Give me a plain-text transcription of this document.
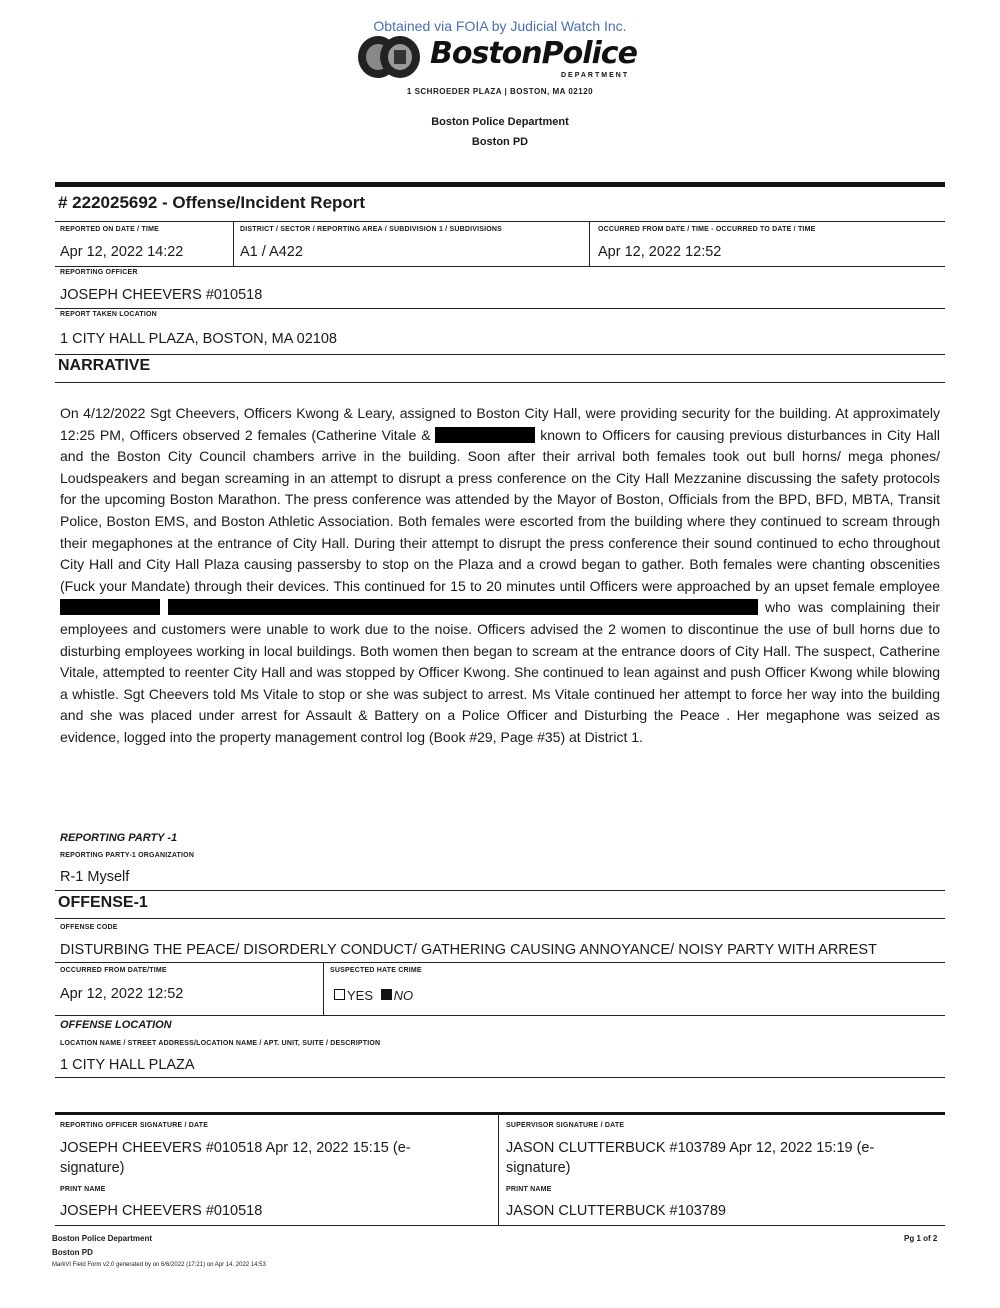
Obtained via FOIA by Judicial Watch Inc.
BostonPolice
DEPARTMENT
1 SCHROEDER PLAZA | BOSTON, MA 02120
Boston Police Department
Boston PD
# 222025692 - Offense/Incident Report
REPORTED ON DATE / TIME
Apr 12, 2022 14:22
DISTRICT / SECTOR / REPORTING AREA / SUBDIVISION 1 / SUBDIVISIONS
A1 / A422
OCCURRED FROM DATE / TIME - OCCURRED TO DATE / TIME
Apr 12, 2022 12:52
REPORTING OFFICER
JOSEPH CHEEVERS #010518
REPORT TAKEN LOCATION
1 CITY HALL PLAZA, BOSTON, MA 02108
NARRATIVE
On 4/12/2022 Sgt Cheevers, Officers Kwong & Leary, assigned to Boston City Hall, were providing security for the building. At approximately 12:25 PM, Officers observed 2 females (Catherine Vitale &	known to Officers for causing previous disturbances in City Hall and the Boston City Council chambers arrive in the building. Soon after their arrival both females took out bull horns/ mega phones/ Loudspeakers and began screaming in an attempt to disrupt a press conference on the City Hall Mezzanine discussing the safety protocols for the upcoming Boston Marathon. The press conference was attended by the Mayor of Boston, Officials from the BPD, BFD, MBTA, Transit Police, Boston EMS, and Boston Athletic Association. Both females were escorted from the building where they continued to scream through their megaphones at the entrance of City Hall. During their attempt to disrupt the press conference their sound continued to echo throughout City Hall and City Hall Plaza causing passersby to stop on the Plaza and a crowd began to gather. Both females were chanting obscenities (Fuck your Mandate) through their devices. This continued for 15 to 20 minutes until Officers were approached by an upset female employee   who was complaining their employees and customers were unable to work due to the noise. Officers advised the 2 women to discontinue the use of bull horns due to disturbing employees working in local buildings. Both women then began to scream at the entrance doors of City Hall. The suspect, Catherine Vitale, attempted to reenter City Hall and was stopped by Officer Kwong. She continued to lean against and push Officer Kwong while blowing a whistle. Sgt Cheevers told Ms Vitale to stop or she was subject to arrest. Ms Vitale continued her attempt to force her way into the building and she was placed under arrest for Assault & Battery on a Police Officer and Disturbing the Peace . Her megaphone was seized as evidence, logged into the property management control log (Book #29, Page #35) at District 1.
REPORTING PARTY -1
REPORTING PARTY-1 ORGANIZATION
R-1 Myself
OFFENSE-1
OFFENSE CODE
DISTURBING THE PEACE/ DISORDERLY CONDUCT/ GATHERING CAUSING ANNOYANCE/ NOISY PARTY WITH ARREST
OCCURRED FROM DATE/TIME
Apr 12, 2022 12:52
SUSPECTED HATE CRIME
YES NO
OFFENSE LOCATION
LOCATION NAME / STREET ADDRESS/LOCATION NAME / APT. UNIT, SUITE / DESCRIPTION
1 CITY HALL PLAZA
REPORTING OFFICER SIGNATURE / DATE
JOSEPH CHEEVERS #010518 Apr 12, 2022 15:15 (e-
signature)
PRINT NAME
JOSEPH CHEEVERS #010518
SUPERVISOR SIGNATURE / DATE
JASON CLUTTERBUCK #103789 Apr 12, 2022 15:19 (e-
signature)
PRINT NAME
JASON CLUTTERBUCK #103789
Boston Police Department
Boston PD
MarkVI Field Form v2.0 generated by on 6/6/2022 (17:21) on Apr 14, 2022 14:53
Pg 1 of 2
